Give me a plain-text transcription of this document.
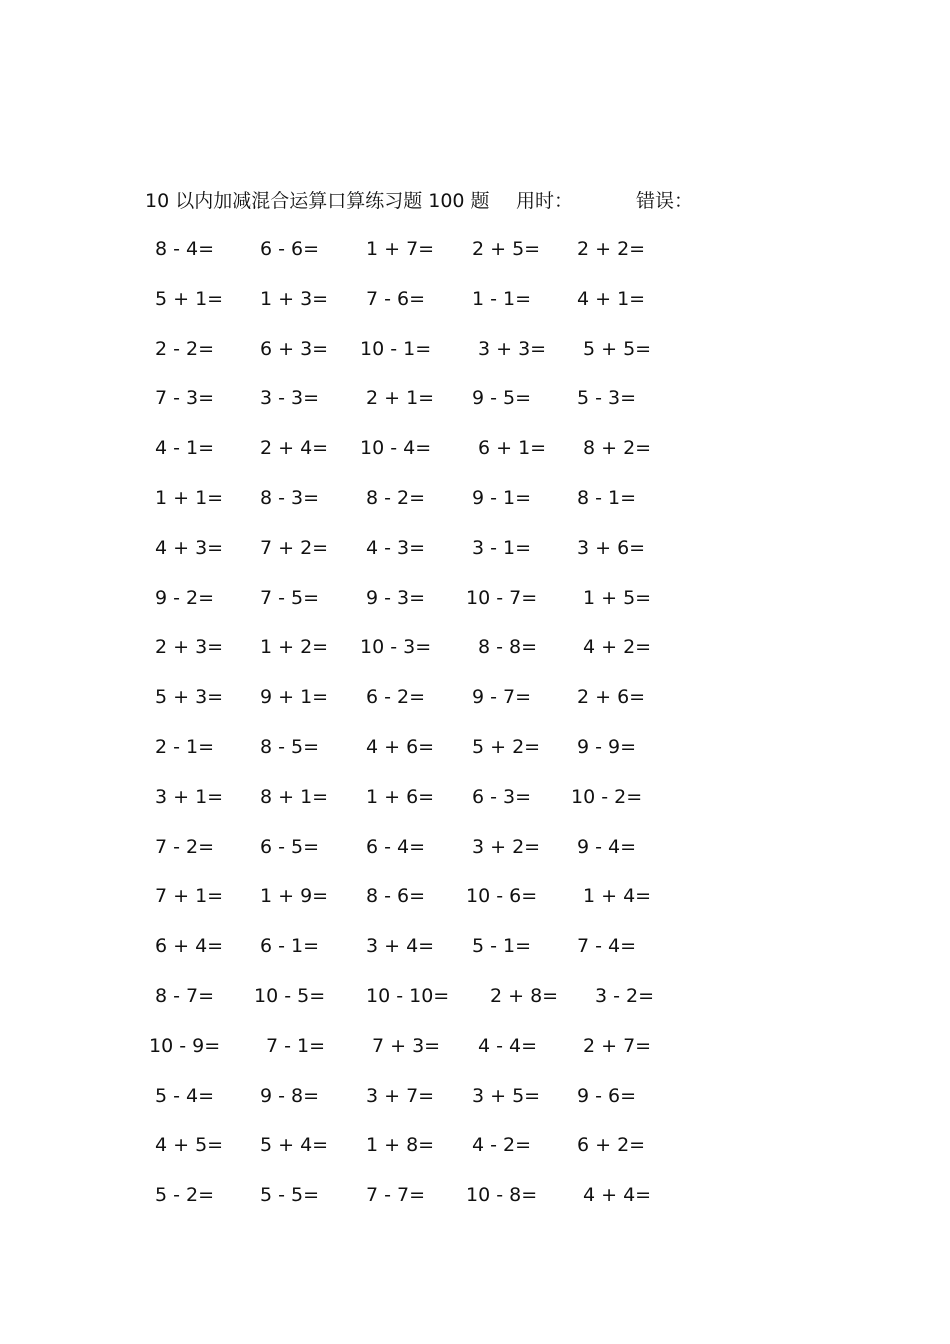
10 以内加减混合运算口算练习题 100 题 用时：	错误：
8 - 4= 6 - 6= 1 + 7= 2 + 5= 2 + 2=
5 + 1= 1 + 3= 7 - 6= 1 - 1= 4 + 1=
2 - 2= 6 + 3= 10 - 1= 3 + 3= 5 + 5=
7 - 3= 3 - 3= 2 + 1= 9 - 5= 5 - 3=
4 - 1= 2 + 4= 10 - 4= 6 + 1= 8 + 2=
1 + 1= 8 - 3= 8 - 2= 9 - 1= 8 - 1=
4 + 3= 7 + 2= 4 - 3= 3 - 1= 3 + 6=
9 - 2= 7 - 5= 9 - 3= 10 - 7= 1 + 5=
2 + 3= 1 + 2= 10 - 3= 8 - 8= 4 + 2=
5 + 3= 9 + 1= 6 - 2= 9 - 7= 2 + 6=
2 - 1= 8 - 5= 4 + 6= 5 + 2= 9 - 9=
3 + 1= 8 + 1= 1 + 6= 6 - 3= 10 - 2=
7 - 2= 6 - 5= 6 - 4= 3 + 2= 9 - 4=
7 + 1= 1 + 9= 8 - 6= 10 - 6= 1 + 4=
6 + 4= 6 - 1= 3 + 4= 5 - 1= 7 - 4=
8 - 7= 10 - 5= 10 - 10= 2 + 8= 3 - 2=
10 - 9= 7 - 1= 7 + 3= 4 - 4= 2 + 7=
5 - 4= 9 - 8= 3 + 7= 3 + 5= 9 - 6=
4 + 5= 5 + 4= 1 + 8= 4 - 2= 6 + 2=
5 - 2= 5 - 5= 7 - 7= 10 - 8= 4 + 4=
